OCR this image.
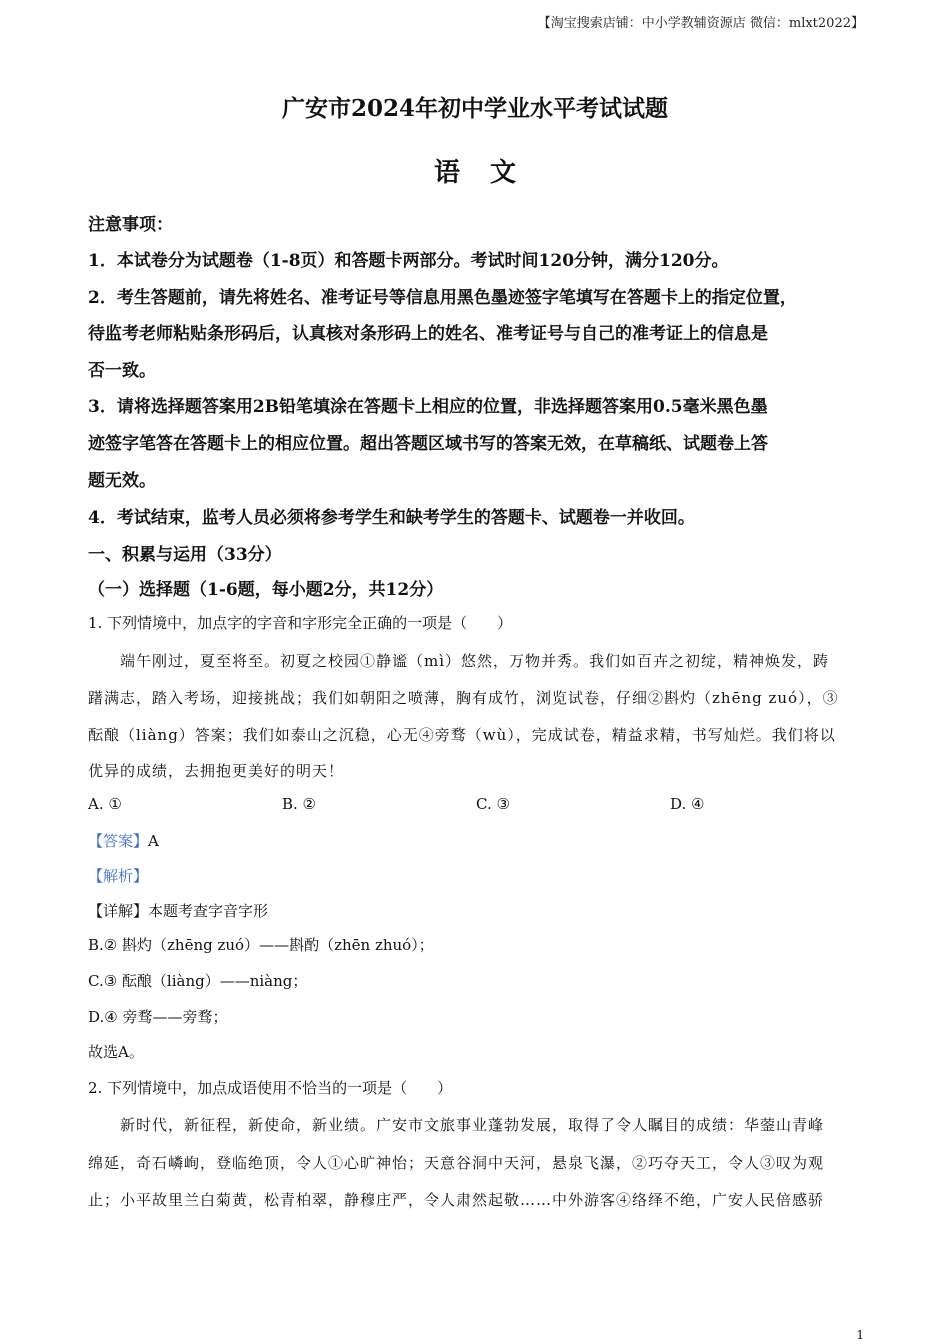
【淘宝搜索店铺：中小学教辅资源店 微信：mlxt2022】
广安市2024年初中学业水平考试试题
语文
注意事项：
1．本试卷分为试题卷（1-8页）和答题卡两部分。考试时间120分钟，满分120分。
2．考生答题前，请先将姓名、准考证号等信息用黑色墨迹签字笔填写在答题卡上的指定位置，
待监考老师粘贴条形码后，认真核对条形码上的姓名、准考证号与自己的准考证上的信息是
否一致。
3．请将选择题答案用2B铅笔填涂在答题卡上相应的位置，非选择题答案用0.5毫米黑色墨
迹签字笔答在答题卡上的相应位置。超出答题区域书写的答案无效，在草稿纸、试题卷上答
题无效。
4．考试结束，监考人员必须将参考学生和缺考学生的答题卡、试题卷一并收回。
一、积累与运用（33分）
（一）选择题（1-6题，每小题2分，共12分）
1. 下列情境中，加点字的字音和字形完全正确的一项是（　　）
端午刚过，夏至将至。初夏之校园①静谧（mì）悠然，万物并秀。我们如百卉之初绽，精神焕发，踌
躇满志，踏入考场，迎接挑战；我们如朝阳之喷薄，胸有成竹，浏览试卷，仔细②斟灼（zhēng zuó），③
酝酿（liàng）答案；我们如泰山之沉稳，心无④旁骛（wù），完成试卷，精益求精，书写灿烂。我们将以
优异的成绩，去拥抱更美好的明天！
A. ①	B. ②	C. ③	D. ④
【答案】A
【解析】
【详解】本题考查字音字形
B.② 斟灼（zhēng zuó）——斟酌（zhēn zhuó）；
C.③ 酝酿（liàng）——niàng；
D.④ 旁骛——旁骛；
故选A。
2. 下列情境中，加点成语使用不恰当的一项是（　　）
新时代，新征程，新使命，新业绩。广安市文旅事业蓬勃发展，取得了令人瞩目的成绩：华蓥山青峰
绵延，奇石嶙峋，登临绝顶，令人①心旷神怡；天意谷洞中天河，悬泉飞瀑，②巧夺天工，令人③叹为观
止；小平故里兰白菊黄，松青柏翠，静穆庄严，令人肃然起敬……中外游客④络绎不绝，广安人民倍感骄
1
